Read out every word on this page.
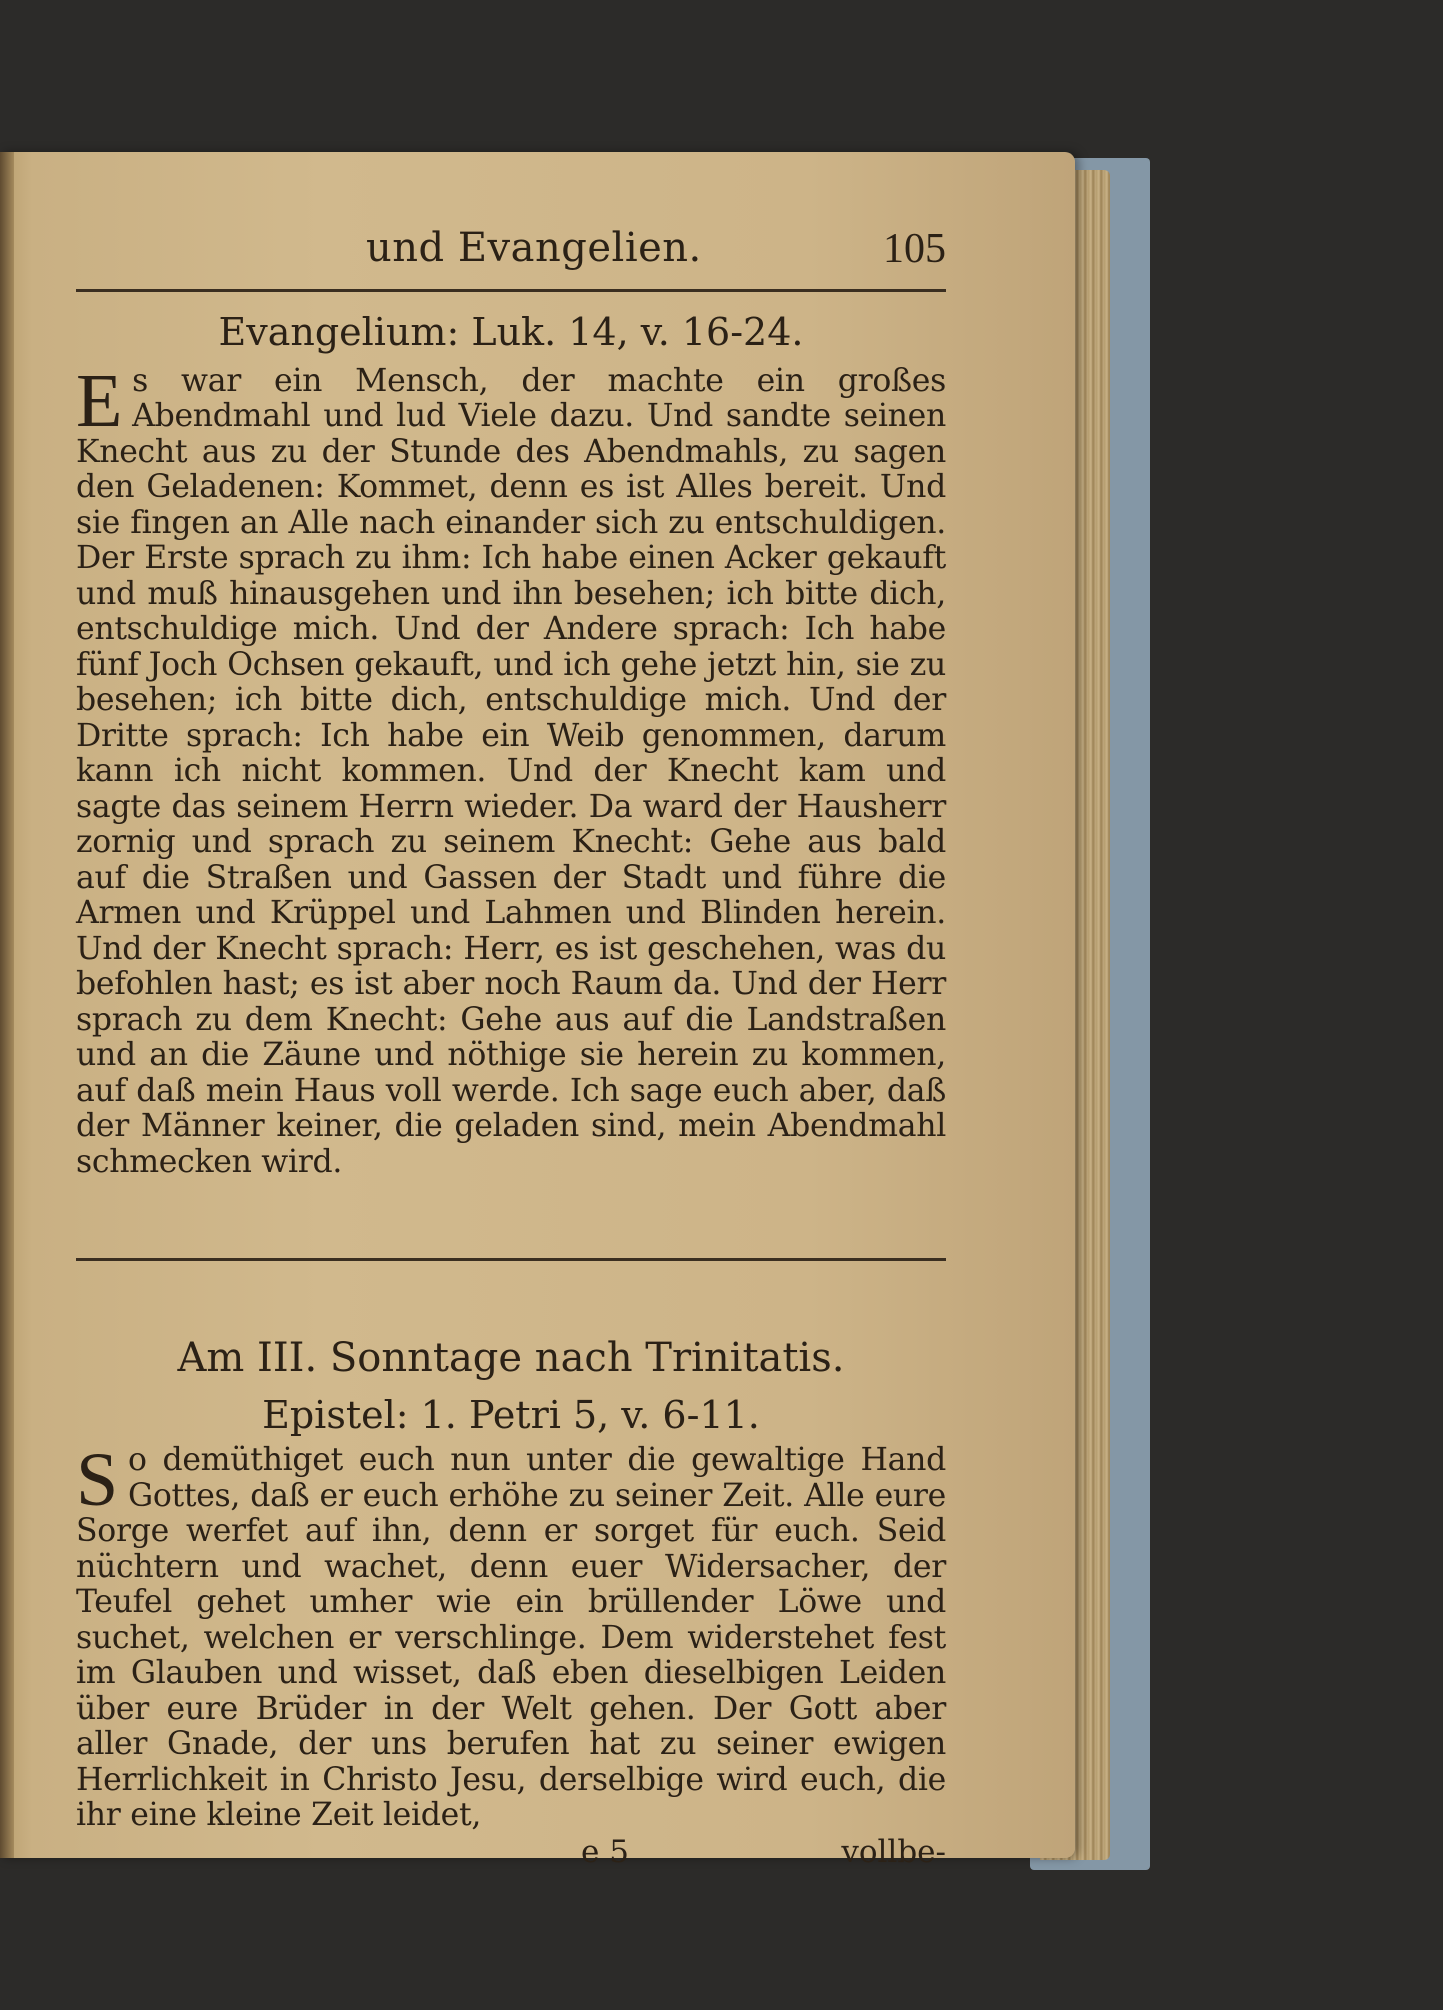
und Evangelien.	105
Evangelium: Luk. 14, v. 16-24.
E s war ein Mensch, der machte ein großes Abendmahl und lud Viele dazu. Und sandte seinen Knecht aus zu der Stunde des Abendmahls, zu sagen den Geladenen: Kommet, denn es ist Alles bereit. Und sie fingen an Alle nach einander sich zu entschuldigen. Der Erste sprach zu ihm: Ich habe einen Acker gekauft und muß hinausgehen und ihn besehen; ich bitte dich, entschuldige mich. Und der Andere sprach: Ich habe fünf Joch Ochsen gekauft, und ich gehe jetzt hin, sie zu besehen; ich bitte dich, entschuldige mich. Und der Dritte sprach: Ich habe ein Weib genommen, darum kann ich nicht kommen. Und der Knecht kam und sagte das seinem Herrn wieder. Da ward der Hausherr zornig und sprach zu seinem Knecht: Gehe aus bald auf die Straßen und Gassen der Stadt und führe die Armen und Krüppel und Lahmen und Blinden herein. Und der Knecht sprach: Herr, es ist geschehen, was du befohlen hast; es ist aber noch Raum da. Und der Herr sprach zu dem Knecht: Gehe aus auf die Landstraßen und an die Zäune und nöthige sie herein zu kommen, auf daß mein Haus voll werde. Ich sage euch aber, daß der Männer keiner, die geladen sind, mein Abendmahl schmecken wird.
Am III. Sonntage nach Trinitatis.
Epistel: 1. Petri 5, v. 6-11.
S o demüthiget euch nun unter die gewaltige Hand Gottes, daß er euch erhöhe zu seiner Zeit. Alle eure Sorge werfet auf ihn, denn er sorget für euch. Seid nüchtern und wachet, denn euer Widersacher, der Teufel gehet umher wie ein brüllender Löwe und suchet, welchen er verschlinge. Dem widerstehet fest im Glauben und wisset, daß eben dieselbigen Leiden über eure Brüder in der Welt gehen. Der Gott aber aller Gnade, der uns berufen hat zu seiner ewigen Herrlichkeit in Christo Jesu, derselbige wird euch, die ihr eine kleine Zeit leidet,
e 5	vollbe-
